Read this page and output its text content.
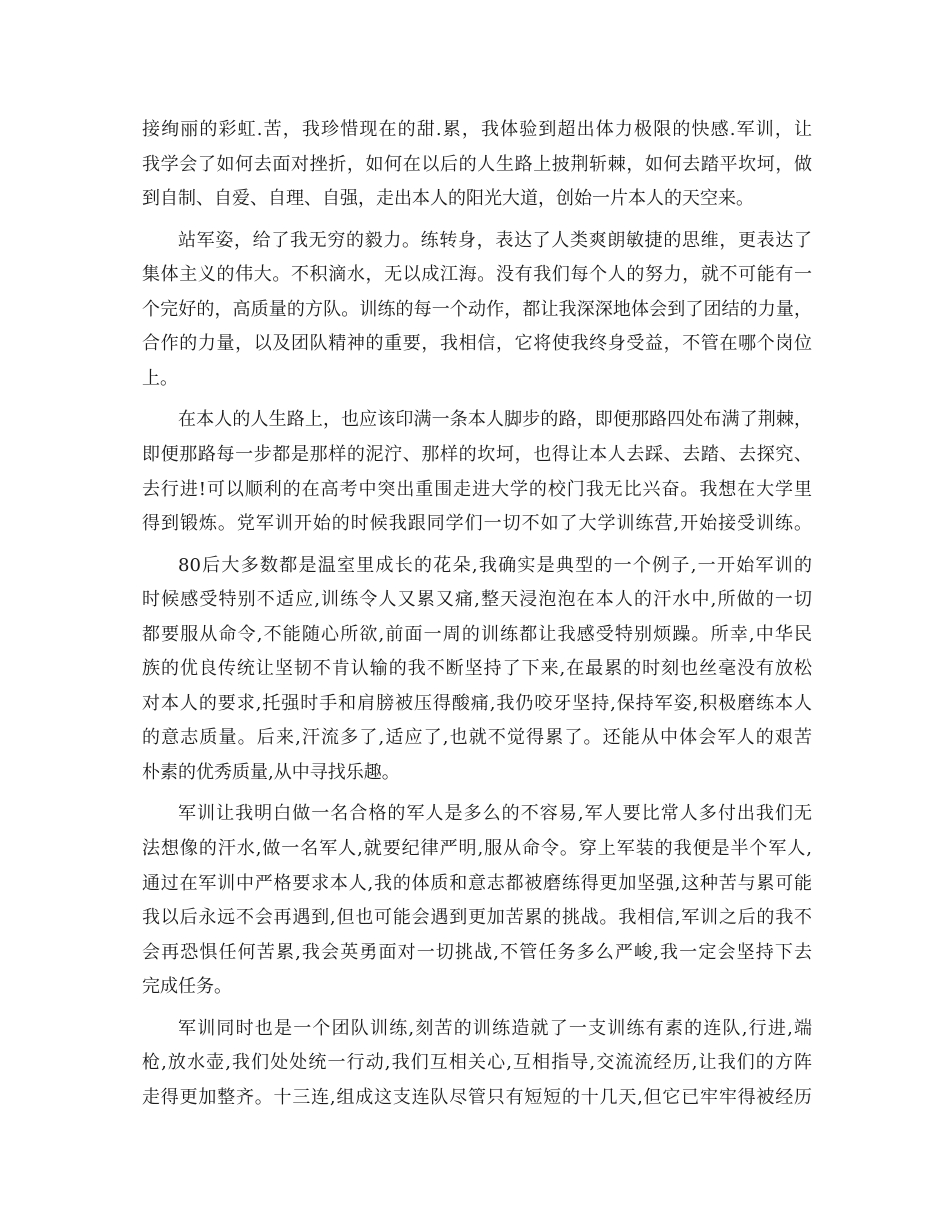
接绚丽的彩虹.苦，我珍惜现在的甜.累，我体验到超出体力极限的快感.军训，让
我学会了如何去面对挫折，如何在以后的人生路上披荆斩棘，如何去踏平坎坷，做
到自制、自爱、自理、自强，走出本人的阳光大道，创始一片本人的天空来。
站军姿，给了我无穷的毅力。练转身，表达了人类爽朗敏捷的思维，更表达了
集体主义的伟大。不积滴水，无以成江海。没有我们每个人的努力，就不可能有一
个完好的，高质量的方队。训练的每一个动作，都让我深深地体会到了团结的力量，
合作的力量，以及团队精神的重要，我相信，它将使我终身受益，不管在哪个岗位
上。
在本人的人生路上，也应该印满一条本人脚步的路，即便那路四处布满了荆棘，
即便那路每一步都是那样的泥泞、那样的坎坷，也得让本人去踩、去踏、去探究、
去行进!可以顺利的在高考中突出重围走进大学的校门我无比兴奋。我想在大学里
得到锻炼。党军训开始的时候我跟同学们一切不如了大学训练营,开始接受训练。
80后大多数都是温室里成长的花朵,我确实是典型的一个例子,一开始军训的
时候感受特别不适应,训练令人又累又痛,整天浸泡泡在本人的汗水中,所做的一切
都要服从命令,不能随心所欲,前面一周的训练都让我感受特别烦躁。所幸,中华民
族的优良传统让坚韧不肯认输的我不断坚持了下来,在最累的时刻也丝毫没有放松
对本人的要求,托强时手和肩膀被压得酸痛,我仍咬牙坚持,保持军姿,积极磨练本人
的意志质量。后来,汗流多了,适应了,也就不觉得累了。还能从中体会军人的艰苦
朴素的优秀质量,从中寻找乐趣。
军训让我明白做一名合格的军人是多么的不容易,军人要比常人多付出我们无
法想像的汗水,做一名军人,就要纪律严明,服从命令。穿上军装的我便是半个军人,
通过在军训中严格要求本人,我的体质和意志都被磨练得更加坚强,这种苦与累可能
我以后永远不会再遇到,但也可能会遇到更加苦累的挑战。我相信,军训之后的我不
会再恐惧任何苦累,我会英勇面对一切挑战,不管任务多么严峻,我一定会坚持下去
完成任务。
军训同时也是一个团队训练,刻苦的训练造就了一支训练有素的连队,行进,端
枪,放水壶,我们处处统一行动,我们互相关心,互相指导,交流流经历,让我们的方阵
走得更加整齐。十三连,组成这支连队尽管只有短短的十几天,但它已牢牢得被经历
